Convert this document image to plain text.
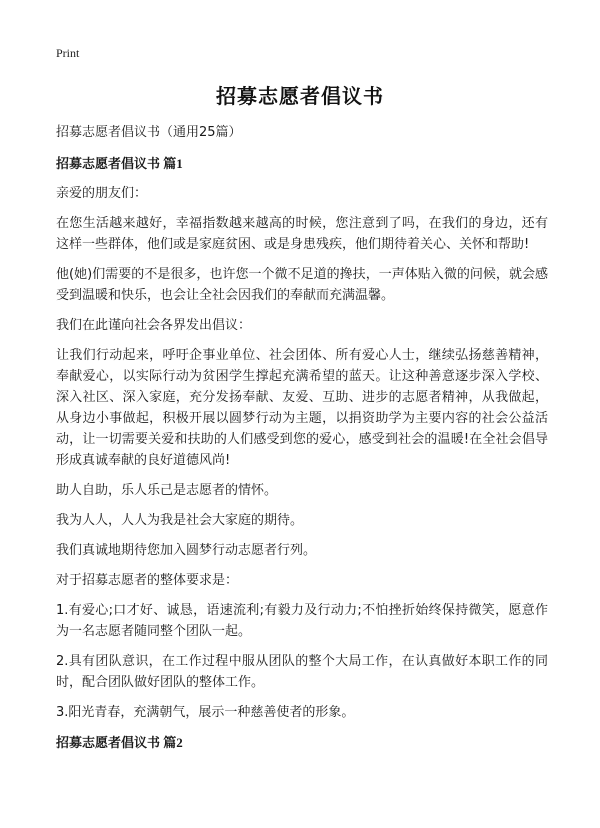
Print
招募志愿者倡议书

招募志愿者倡议书（通用25篇）

招募志愿者倡议书 篇1

亲爱的朋友们：

在您生活越来越好，幸福指数越来越高的时候，您注意到了吗，在我们的身边，还有这样一些群体，他们或是家庭贫困、或是身患残疾，他们期待着关心、关怀和帮助!

他(她)们需要的不是很多，也许您一个微不足道的搀扶，一声体贴入微的问候，就会感受到温暖和快乐，也会让全社会因我们的奉献而充满温馨。

我们在此谨向社会各界发出倡议：

让我们行动起来，呼吁企事业单位、社会团体、所有爱心人士，继续弘扬慈善精神，奉献爱心，以实际行动为贫困学生撑起充满希望的蓝天。让这种善意逐步深入学校、深入社区、深入家庭，充分发扬奉献、友爱、互助、进步的志愿者精神，从我做起，从身边小事做起，积极开展以圆梦行动为主题，以捐资助学为主要内容的社会公益活动，让一切需要关爱和扶助的人们感受到您的爱心，感受到社会的温暖!在全社会倡导形成真诚奉献的良好道德风尚!

助人自助，乐人乐己是志愿者的情怀。

我为人人，人人为我是社会大家庭的期待。

我们真诚地期待您加入圆梦行动志愿者行列。

对于招募志愿者的整体要求是：

1.有爱心;口才好、诚恳，语速流利;有毅力及行动力;不怕挫折始终保持微笑，愿意作为一名志愿者随同整个团队一起。

2.具有团队意识，在工作过程中服从团队的整个大局工作，在认真做好本职工作的同时，配合团队做好团队的整体工作。

3.阳光青春，充满朝气，展示一种慈善使者的形象。

招募志愿者倡议书 篇2
